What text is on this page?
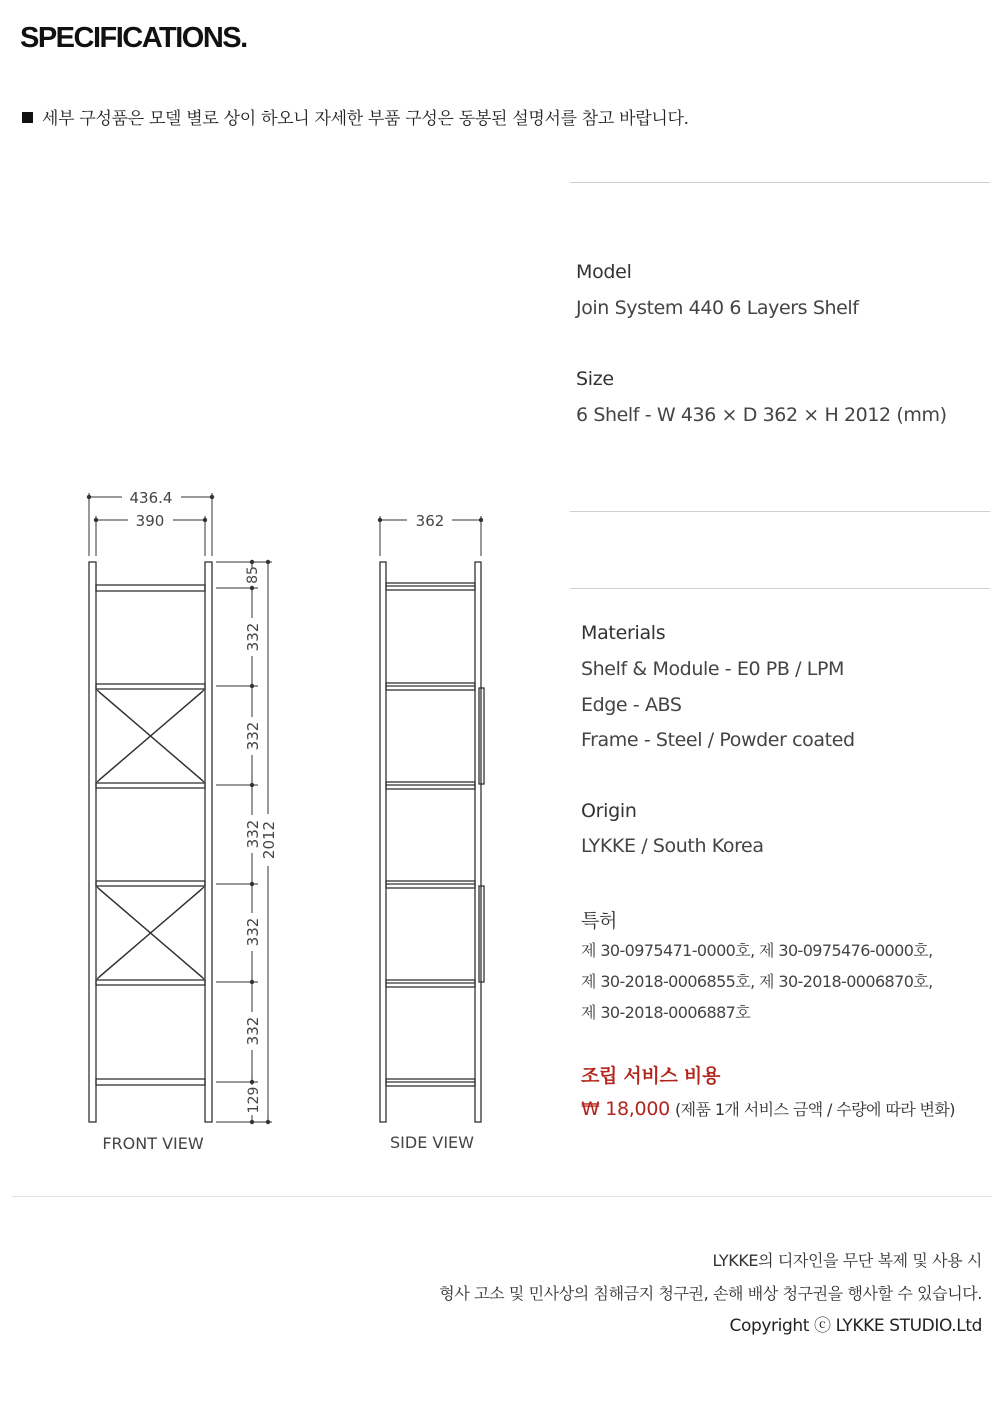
SPECIFICATIONS.
세부 구성품은 모델 별로 상이 하오니 자세한 부품 구성은 동봉된 설명서를 참고 바랍니다.
Model
Join System 440 6 Layers Shelf
Size
6 Shelf - W 436 × D 362 × H 2012 (mm)
Materials
Shelf & Module - E0 PB / LPM
Edge - ABS
Frame - Steel / Powder coated
Origin
LYKKE / South Korea
특허
제 30-0975471-0000호, 제 30-0975476-0000호,
제 30-2018-0006855호, 제 30-2018-0006870호,
제 30-2018-0006887호
조립 서비스 비용
₩ 18,000 (제품 1개 서비스 금액 / 수량에 따라 변화)
436.4
390	362
85
332
332
332
332
332
129
2012
FRONT VIEW	SIDE VIEW
LYKKE의 디자인을 무단 복제 및 사용 시
형사 고소 및 민사상의 침해금지 청구권, 손해 배상 청구권을 행사할 수 있습니다.
Copyright ⓒ LYKKE STUDIO.Ltd
